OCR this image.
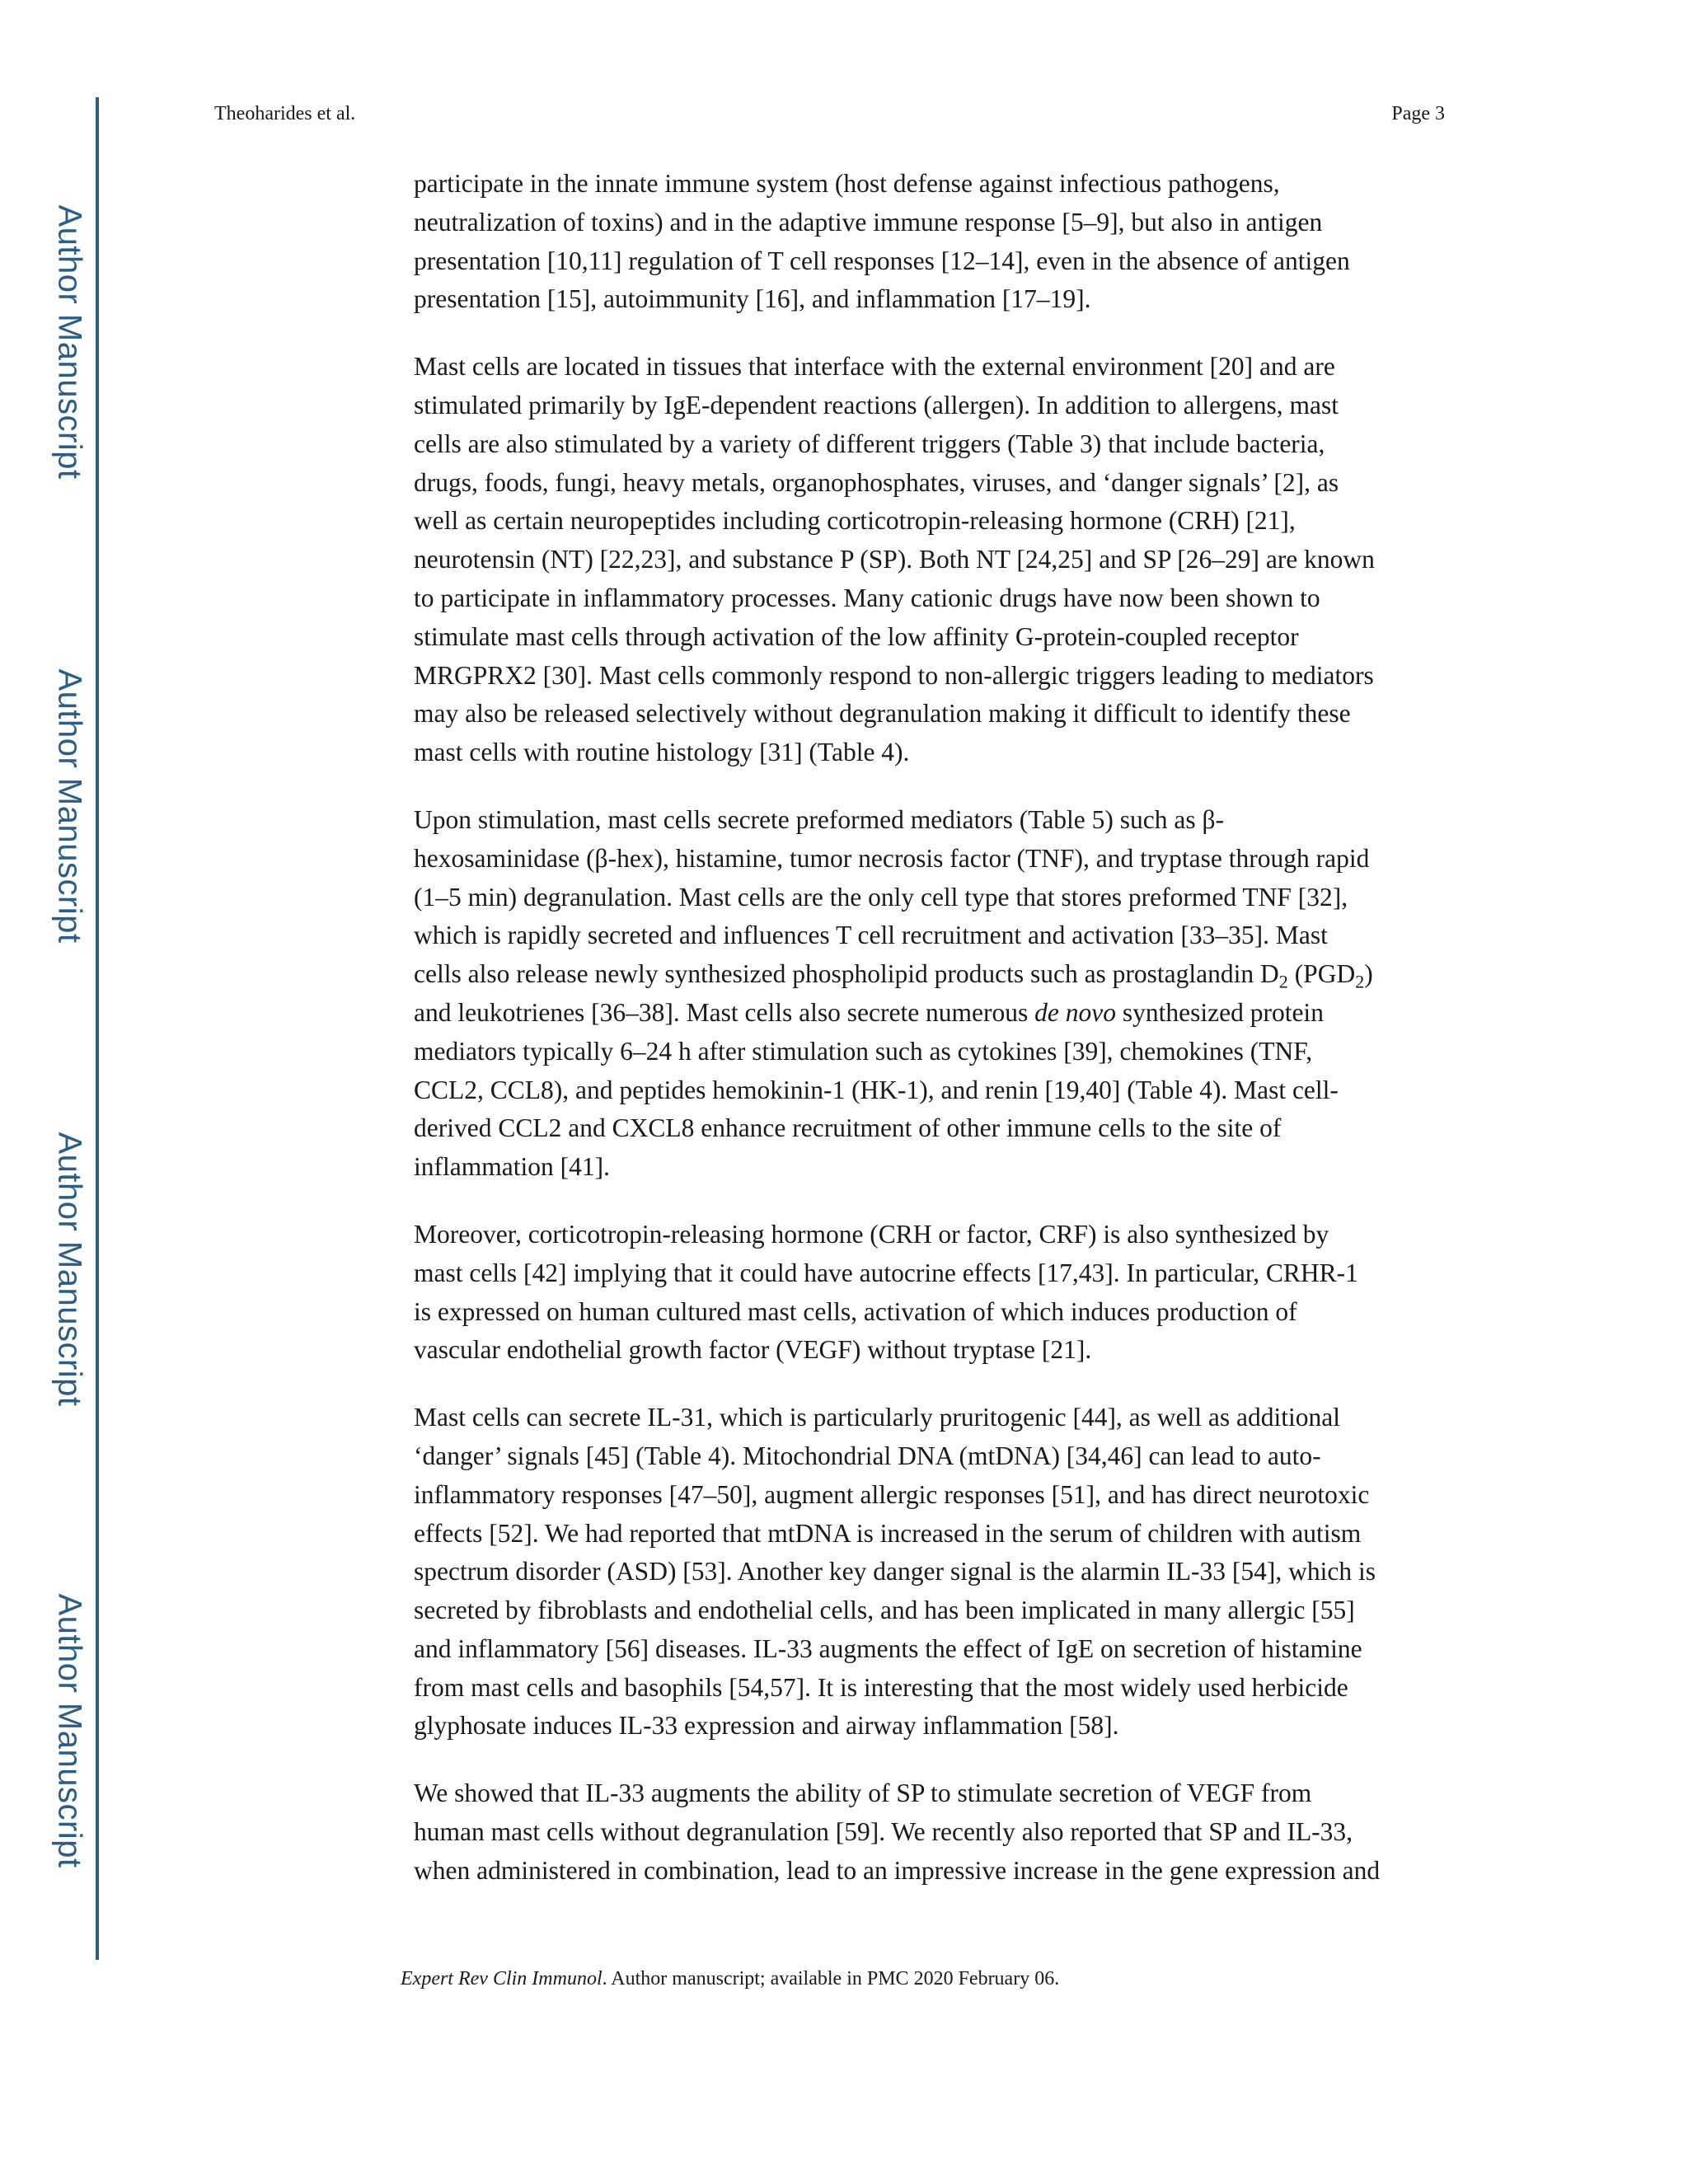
Author Manuscript
Author Manuscript
Author Manuscript
Author Manuscript
Theoharides et al.	Page 3

participate in the innate immune system (host defense against infectious pathogens,
neutralization of toxins) and in the adaptive immune response [5–9], but also in antigen
presentation [10,11] regulation of T cell responses [12–14], even in the absence of antigen
presentation [15], autoimmunity [16], and inflammation [17–19].

Mast cells are located in tissues that interface with the external environment [20] and are
stimulated primarily by IgE-dependent reactions (allergen). In addition to allergens, mast
cells are also stimulated by a variety of different triggers (Table 3) that include bacteria,
drugs, foods, fungi, heavy metals, organophosphates, viruses, and ‘danger signals’ [2], as
well as certain neuropeptides including corticotropin-releasing hormone (CRH) [21],
neurotensin (NT) [22,23], and substance P (SP). Both NT [24,25] and SP [26–29] are known
to participate in inflammatory processes. Many cationic drugs have now been shown to
stimulate mast cells through activation of the low affinity G-protein-coupled receptor
MRGPRX2 [30]. Mast cells commonly respond to non-allergic triggers leading to mediators
may also be released selectively without degranulation making it difficult to identify these
mast cells with routine histology [31] (Table 4).

Upon stimulation, mast cells secrete preformed mediators (Table 5) such as β-
hexosaminidase (β-hex), histamine, tumor necrosis factor (TNF), and tryptase through rapid
(1–5 min) degranulation. Mast cells are the only cell type that stores preformed TNF [32],
which is rapidly secreted and influences T cell recruitment and activation [33–35]. Mast
cells also release newly synthesized phospholipid products such as prostaglandin $D_2$ $(PGD_2)$
and leukotrienes [36–38]. Mast cells also secrete numerous de novo synthesized protein
mediators typically 6–24 h after stimulation such as cytokines [39], chemokines (TNF,
CCL2, CCL8), and peptides hemokinin-1 (HK-1), and renin [19,40] (Table 4). Mast cell-
derived CCL2 and CXCL8 enhance recruitment of other immune cells to the site of
inflammation [41].

Moreover, corticotropin-releasing hormone (CRH or factor, CRF) is also synthesized by
mast cells [42] implying that it could have autocrine effects [17,43]. In particular, CRHR-1
is expressed on human cultured mast cells, activation of which induces production of
vascular endothelial growth factor (VEGF) without tryptase [21].

Mast cells can secrete IL-31, which is particularly pruritogenic [44], as well as additional
‘danger’ signals [45] (Table 4). Mitochondrial DNA (mtDNA) [34,46] can lead to auto-
inflammatory responses [47–50], augment allergic responses [51], and has direct neurotoxic
effects [52]. We had reported that mtDNA is increased in the serum of children with autism
spectrum disorder (ASD) [53]. Another key danger signal is the alarmin IL-33 [54], which is
secreted by fibroblasts and endothelial cells, and has been implicated in many allergic [55]
and inflammatory [56] diseases. IL-33 augments the effect of IgE on secretion of histamine
from mast cells and basophils [54,57]. It is interesting that the most widely used herbicide
glyphosate induces IL-33 expression and airway inflammation [58].

We showed that IL-33 augments the ability of SP to stimulate secretion of VEGF from
human mast cells without degranulation [59]. We recently also reported that SP and IL-33,
when administered in combination, lead to an impressive increase in the gene expression and

Expert Rev Clin Immunol. Author manuscript; available in PMC 2020 February 06.
